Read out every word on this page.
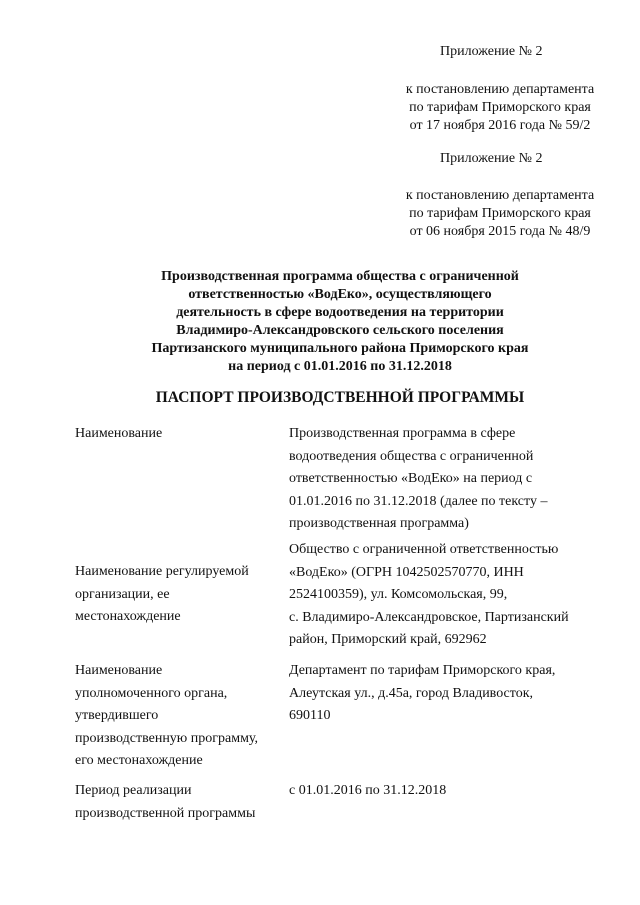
Приложение № 2
к постановлению департамента
по тарифам Приморского края
от 17 ноября 2016 года № 59/2
Приложение № 2
к постановлению департамента
по тарифам Приморского края
от 06 ноября 2015 года № 48/9
Производственная программа общества с ограниченной
ответственностью «ВодЕко», осуществляющего
деятельность в сфере водоотведения на территории
Владимиро-Александровского сельского поселения
Партизанского муниципального района Приморского края
на период с 01.01.2016 по 31.12.2018
ПАСПОРТ ПРОИЗВОДСТВЕННОЙ ПРОГРАММЫ
Наименование	Производственная программа в сфере
водоотведения общества с ограниченной
ответственностью «ВодЕко» на период с
01.01.2016 по 31.12.2018 (далее по тексту –
производственная программа)
Наименование регулируемой
организации, ее
местонахождение
Общество с ограниченной ответственностью
«ВодЕко» (ОГРН 1042502570770, ИНН
2524100359), ул. Комсомольская, 99,
с. Владимиро-Александровское, Партизанский
район, Приморский край, 692962
Наименование
уполномоченного органа,
утвердившего
производственную программу,
его местонахождение
Департамент по тарифам Приморского края,
Алеутская ул., д.45а, город Владивосток,
690110
Период реализации
производственной программы
с 01.01.2016 по 31.12.2018
